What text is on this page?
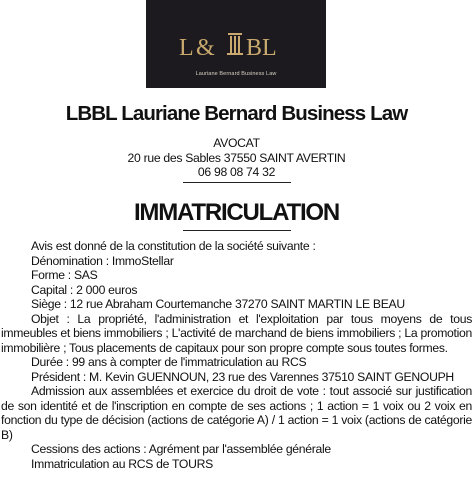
L & BL
Lauriane Bernard Business Law
LBBL Lauriane Bernard Business Law
AVOCAT
20 rue des Sables 37550 SAINT AVERTIN
06 98 08 74 32
IMMATRICULATION

Avis est donné de la constitution de la société suivante :

Dénomination : ImmoStellar

Forme : SAS

Capital : 2 000 euros

Siège : 12 rue Abraham Courtemanche 37270 SAINT MARTIN LE BEAU

Objet : La propriété, l'administration et l'exploitation par tous moyens de tous immeubles et biens immobiliers ; L'activité de marchand de biens immobiliers ; La promotion immobilière ; Tous placements de capitaux pour son propre compte sous toutes formes.

Durée : 99 ans à compter de l'immatriculation au RCS

Président : M. Kevin GUENNOUN, 23 rue des Varennes 37510 SAINT GENOUPH

Admission aux assemblées et exercice du droit de vote : tout associé sur justification de son identité et de l'inscription en compte de ses actions ; 1 action = 1 voix ou 2 voix en fonction du type de décision (actions de catégorie A) / 1 action = 1 voix (actions de catégorie B)

Cessions des actions : Agrément par l'assemblée générale

Immatriculation au RCS de TOURS
